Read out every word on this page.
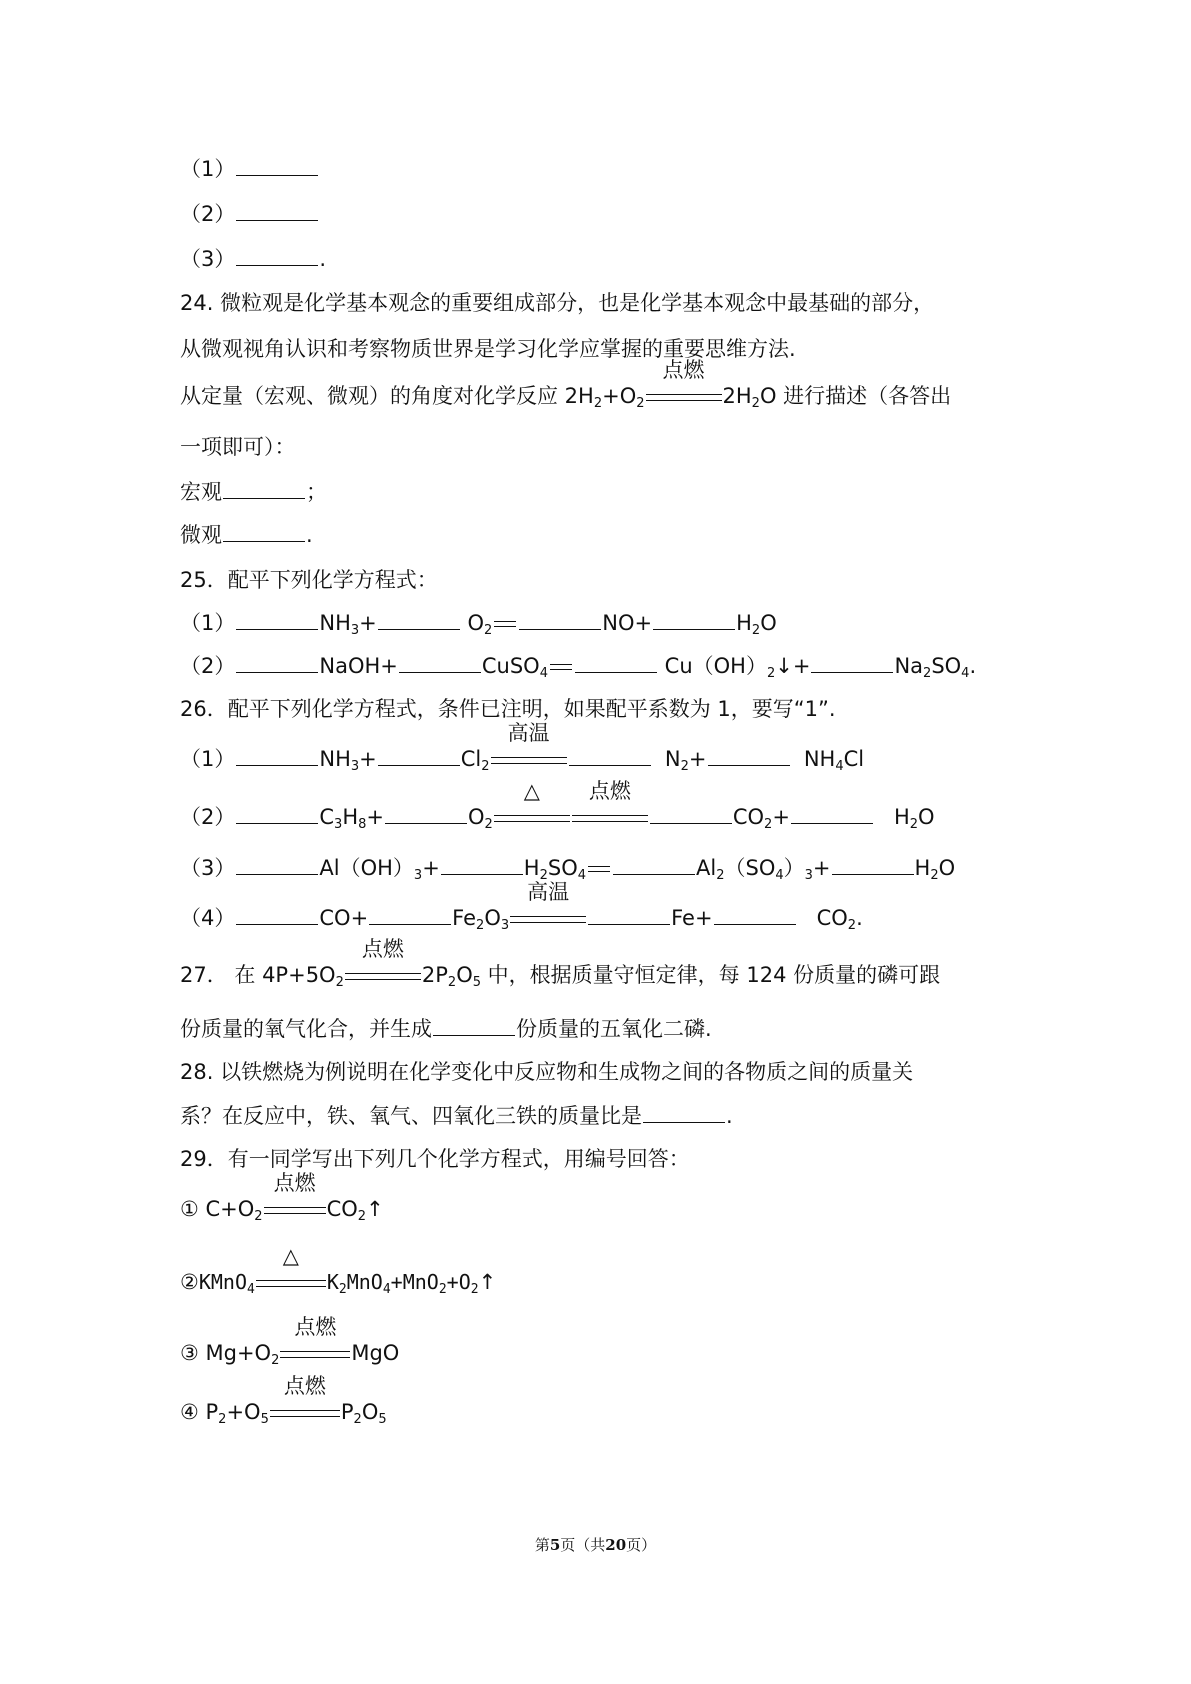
（1）
（2）
（3）	.
24. 微粒观是化学基本观念的重要组成部分，也是化学基本观念中最基础的部分，
从微观视角认识和考察物质世界是学习化学应掌握的重要思维方法.
从定量（宏观、微观）的角度对化学反应 $2H_2+O_2$
点燃
$2H_2O$ 进行描述（各答出
一项即可）：
宏观	；
微观	.
25．配平下列化学方程式：
（1）	$NH_3+$	$O_2$	NO+	$H_2O$
（2）	NaOH+	CuSO$_4$	$Cu(OH)_2↓+$	$Na_2SO_4$.
26．配平下列化学方程式，条件已注明，如果配平系数为 1，要写“1”.
（1）	$NH_3+$	$Cl_2$
高温
$N_2+$	$NH_4Cl$
（2）	$C_3H_8+$	$O_2$
△	点燃
$CO_2+$	$H_2O$
（3）	$Al(OH)_3+$	$H_2SO_4$	$Al_2(SO_4)_3+$	$H_2O$
（4）	CO+	$Fe_2O_3$
高温
Fe+	$CO_2$.
27． 在 $4P+5O_2$
点燃
$2P_2O_5$ 中，根据质量守恒定律，每 124 份质量的磷可跟
份质量的氧气化合，并生成	份质量的五氧化二磷.
28. 以铁燃烧为例说明在化学变化中反应物和生成物之间的各物质之间的质量关
系？在反应中，铁、氧气、四氧化三铁的质量比是	.
29．有一同学写出下列几个化学方程式，用编号回答：
① $C+O_2$
点燃
$CO_2↑$
②KMnO$_4$
△
$K_2MnO_4+MnO_2+O_2↑$
③ $Mg+O_2$
点燃
MgO
④ $P_2+O_5$
点燃
$P_2O_5$
第5页（共20页）
